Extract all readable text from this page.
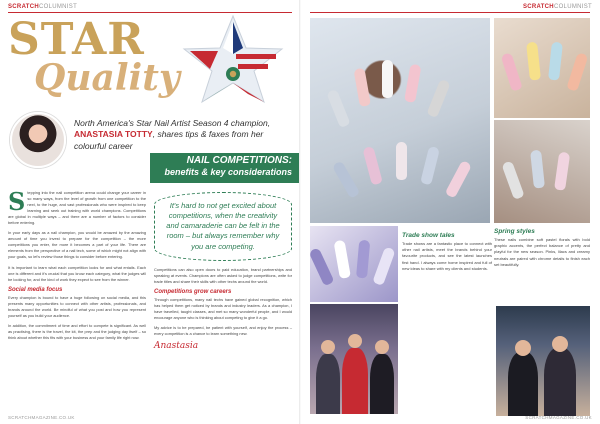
SCRATCHCOLUMNIST
STAR
Quality
North America's Star Nail Artist Season 4 champion, ANASTASIA TOTTY, shares tips & faxes from her colourful career
NAIL COMPETITIONS:
benefits & key considerations

Stepping into the nail competition arena could change your career in so many ways, from the level of growth from one competition to the next, to the huge, and vast professionals who were inspired to keep learning and seek out training with world champions. Competitions are global in multiple ways – and there are a number of factors to consider before entering.

In your early days as a nail champion, you would be amazed by the amazing amount of time you invest to prepare for the competition – the more competitions you enter, the more it becomes a part of your life. There are elements from the perspective of a nail tech, some of which might not align with your goals, so let's review those things to consider before entering.

It is important to learn what each competition looks for and what entails. Each one is different and it's crucial that you know each category, what the judges will be looking for, and the kind of work they expect to see from the winner.

Social media focus

Every champion is bound to have a huge following on social media, and this presents many opportunities to connect with other artists, professionals, and brands around the world. Be mindful of what you post and how you represent yourself as you build your audience.

In addition, the commitment of time and effort to compete is significant. As well as practising, there is the travel, the kit, the prep and the judging day itself – so think about whether this fits with your business and your family life right now.

It's hard to not get excited about competitions, when the creativity and camaraderie can be felt in the room – but always remember why you are competing.

Competitions can also open doors to paid education, brand partnerships and speaking at events. Champions are often asked to judge competitions, write for trade titles and share their skills with other techs around the world.

Competitions grow careers

Through competitions, many nail techs have gained global recognition, which has helped them get noticed by brands and industry leaders. As a champion, I have travelled, taught classes, and met so many wonderful people, and I would encourage anyone who is thinking about competing to give it a go.

My advice is to be prepared, be patient with yourself, and enjoy the process – every competition is a chance to learn something new.

Anastasia
SCRATCHMAGAZINE.CO.UK
SCRATCHCOLUMNIST
Spring styles
These nails combine soft pastel florals with bold graphic accents, the perfect balance of pretty and playful for the new season. Pinks, lilacs and creamy neutrals are paired with chrome details to finish each set beautifully.
Trade show tales
Trade shows are a fantastic place to connect with other nail artists, meet the brands behind your favourite products, and see the latest launches first hand. I always come home inspired and full of new ideas to share with my clients and students.
SCRATCHMAGAZINE.CO.UK
